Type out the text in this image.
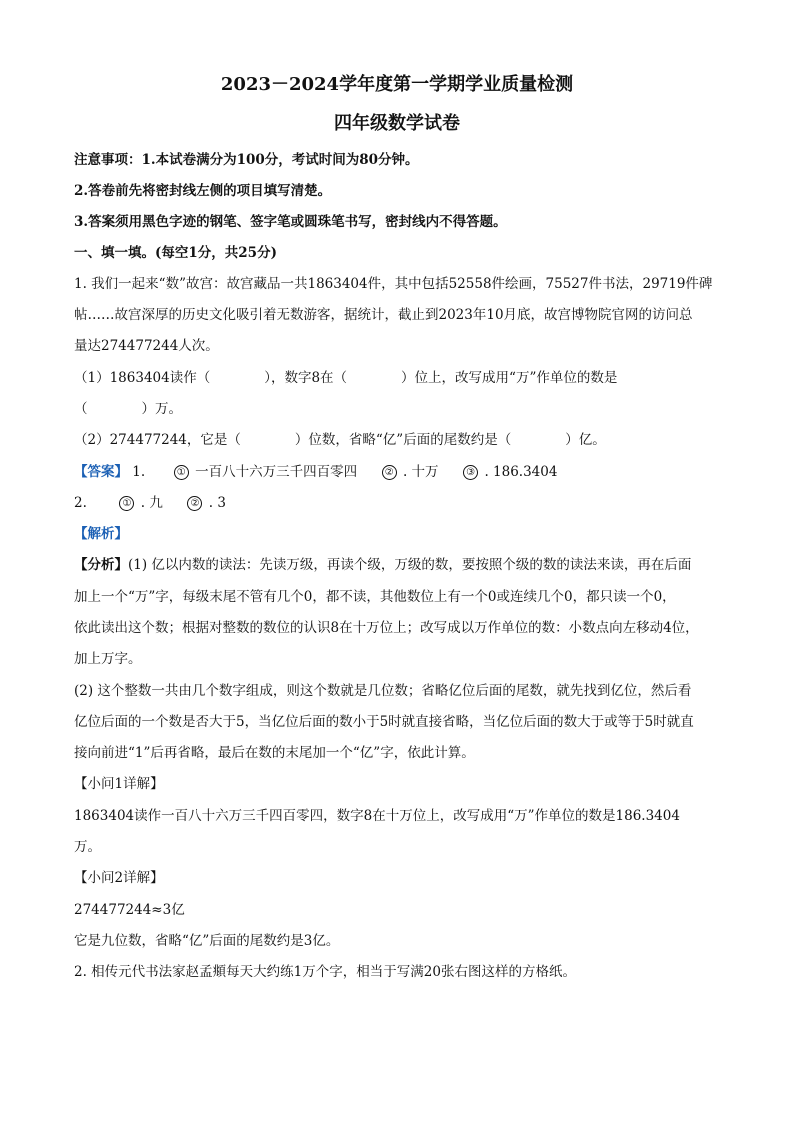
2023－2024学年度第一学期学业质量检测
四年级数学试卷
注意事项：1.本试卷满分为100分，考试时间为80分钟。
2.答卷前先将密封线左侧的项目填写清楚。
3.答案须用黑色字迹的钢笔、签字笔或圆珠笔书写，密封线内不得答题。
一、填一填。(每空1分，共25分)
1. 我们一起来“数”故宫：故宫藏品一共1863404件，其中包括52558件绘画，75527件书法，29719件碑
帖……故宫深厚的历史文化吸引着无数游客，据统计，截止到2023年10月底，故宫博物院官网的访问总
量达274477244人次。
（1）1863404读作（　　　　），数字8在（　　　　）位上，改写成用“万”作单位的数是
（　　　　）万。
（2）274477244，它是（　　　　）位数，省略“亿”后面的尾数约是（　　　　）亿。
【答案】 1.	① 一百八十六万三千四百零四	② . 十万	③ . 186.3404
2.	① . 九	② . 3
【解析】
【分析】(1) 亿以内数的读法：先读万级，再读个级，万级的数，要按照个级的数的读法来读，再在后面
加上一个“万”字，每级末尾不管有几个0，都不读，其他数位上有一个0或连续几个0，都只读一个0，
依此读出这个数；根据对整数的数位的认识8在十万位上；改写成以万作单位的数：小数点向左移动4位，
加上万字。
(2) 这个整数一共由几个数字组成，则这个数就是几位数；省略亿位后面的尾数，就先找到亿位，然后看
亿位后面的一个数是否大于5，当亿位后面的数小于5时就直接省略，当亿位后面的数大于或等于5时就直
接向前进“1”后再省略，最后在数的末尾加一个“亿”字，依此计算。
【小问1详解】
1863404读作一百八十六万三千四百零四，数字8在十万位上，改写成用“万”作单位的数是186.3404
万。
【小问2详解】
274477244≈3亿
它是九位数，省略“亿”后面的尾数约是3亿。
2. 相传元代书法家赵孟頫每天大约练1万个字，相当于写满20张右图这样的方格纸。
